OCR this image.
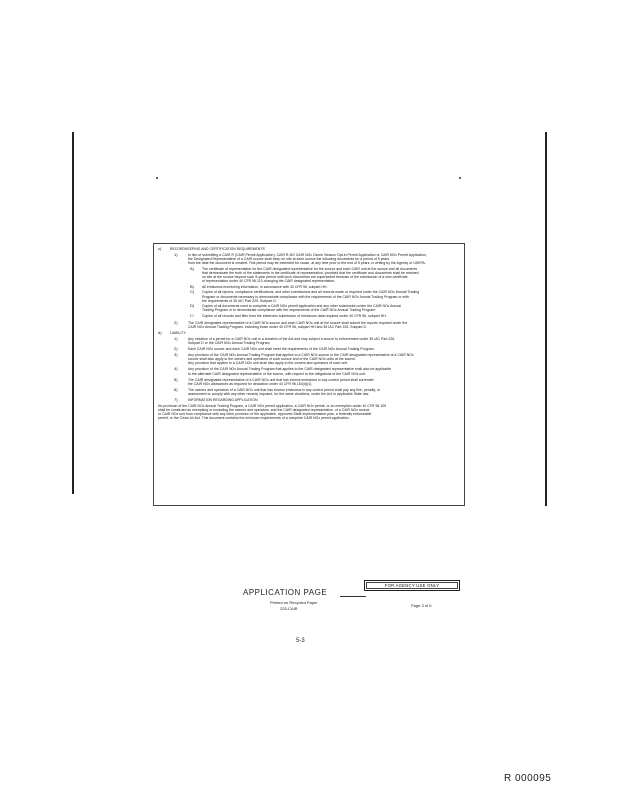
c)	RECORDKEEPING AND CERTIFICATION REQUIREMENTS
1)	In lieu of submitting a CAIR R (CAIR Permit Application), CAIR R-NO CAIR NOx Ozone Season Opt-in Permit Application or CAIR NOx Permit Application,
the Designated Representative of a CAIR source shall keep on site at each source the following documents for a period of 5 years
from the date the document is created. This period may be extended for cause, at any time prior to the end of 5 years, in writing by the Agency or USEPA.
A) The certificate of representation for the CAIR designated representative for the source and each CAIR unit at the source and all documents
that demonstrate the truth of the statements in the certificate of representation; provided that the certificate and documents shall be retained
on site at the source beyond such 5-year period until such documents are superseded because of the submission of a new certificate
of representation under 40 CFR 96.113 changing the CAIR designated representative.
B) All emissions monitoring information, in accordance with 40 CFR 96, subpart HH.
C) Copies of all reports, compliance certifications, and other submissions and all records made or required under the CAIR NOx Annual Trading
Program or documents necessary to demonstrate compliance with the requirements of the CAIR NOx Annual Trading Program or with
the requirements of 35 IAC Part 225, Subpart D.
D) Copies of all documents used to complete a CAIR NOx permit application and any other submission under the CAIR NOx Annual
Trading Program or to demonstrate compliance with the requirements of the CAIR NOx Annual Trading Program.
☐ Copies of all records and files from the electronic submission of emissions data required under 40 CFR 96, subpart HH.
2)	The CAIR designated representative of a CAIR NOx source and each CAIR NOx unit at the source shall submit the reports required under the
CAIR NOx Annual Trading Program, including those under 40 CFR 96, subpart HH and 35 IAC Part 225, Subpart D.
d) LIABILITY
1)	Any violation of a permit for a CAIR NOx unit is a violation of the Act and may subject a source to enforcement under 35 IAC Part 225,
Subpart D or the CAIR NOx Annual Trading Program.
2)	Each CAIR NOx source and each CAIR NOx unit shall meet the requirements of the CAIR NOx Annual Trading Program.
3)	Any provision of the CAIR NOx Annual Trading Program that applies to a CAIR NOx source or the CAIR designated representative of a CAIR NOx
source shall also apply to the owners and operators of such source and of the CAIR NOx units at the source.
Any provision that applies to a CAIR NOx unit shall also apply to the owners and operators of such unit.
4)	Any provision of the CAIR NOx Annual Trading Program that applies to the CAIR designated representative shall also be applicable
to the alternate CAIR designated representative of the source, with respect to the obligations of the CAIR NOx unit.
5)	The CAIR designated representative of a CAIR NOx unit that has excess emissions in any control period shall surrender
the CAIR NOx allowances as required for deduction under 40 CFR 96.154(d)(1).
6)	The owners and operators of a CAIR NOx unit that has excess emissions in any control period shall pay any fine, penalty, or
assessment or comply with any other remedy imposed, for the same violations, under the Act or applicable State law.
7)	INFORMATION REGARDING APPLICATION
No provision of the CAIR NOx Annual Trading Program, a CAIR NOx permit application, a CAIR NOx permit, or an exemption under 40 CFR 96.105
shall be construed as exempting or excluding the owners and operators, and the CAIR designated representative, of a CAIR NOx source
or CAIR NOx unit from compliance with any other provision of the applicable, approved State implementation plan, a federally enforceable
permit, or the Clean Air Act. This document contains the minimum requirements of a complete CAIR NOx permit application.
APPLICATION PAGE
FOR AGENCY USE ONLY
Printed on Recycled Paper
225-CAIR
Page 3 of 6
5-3
R 000095
